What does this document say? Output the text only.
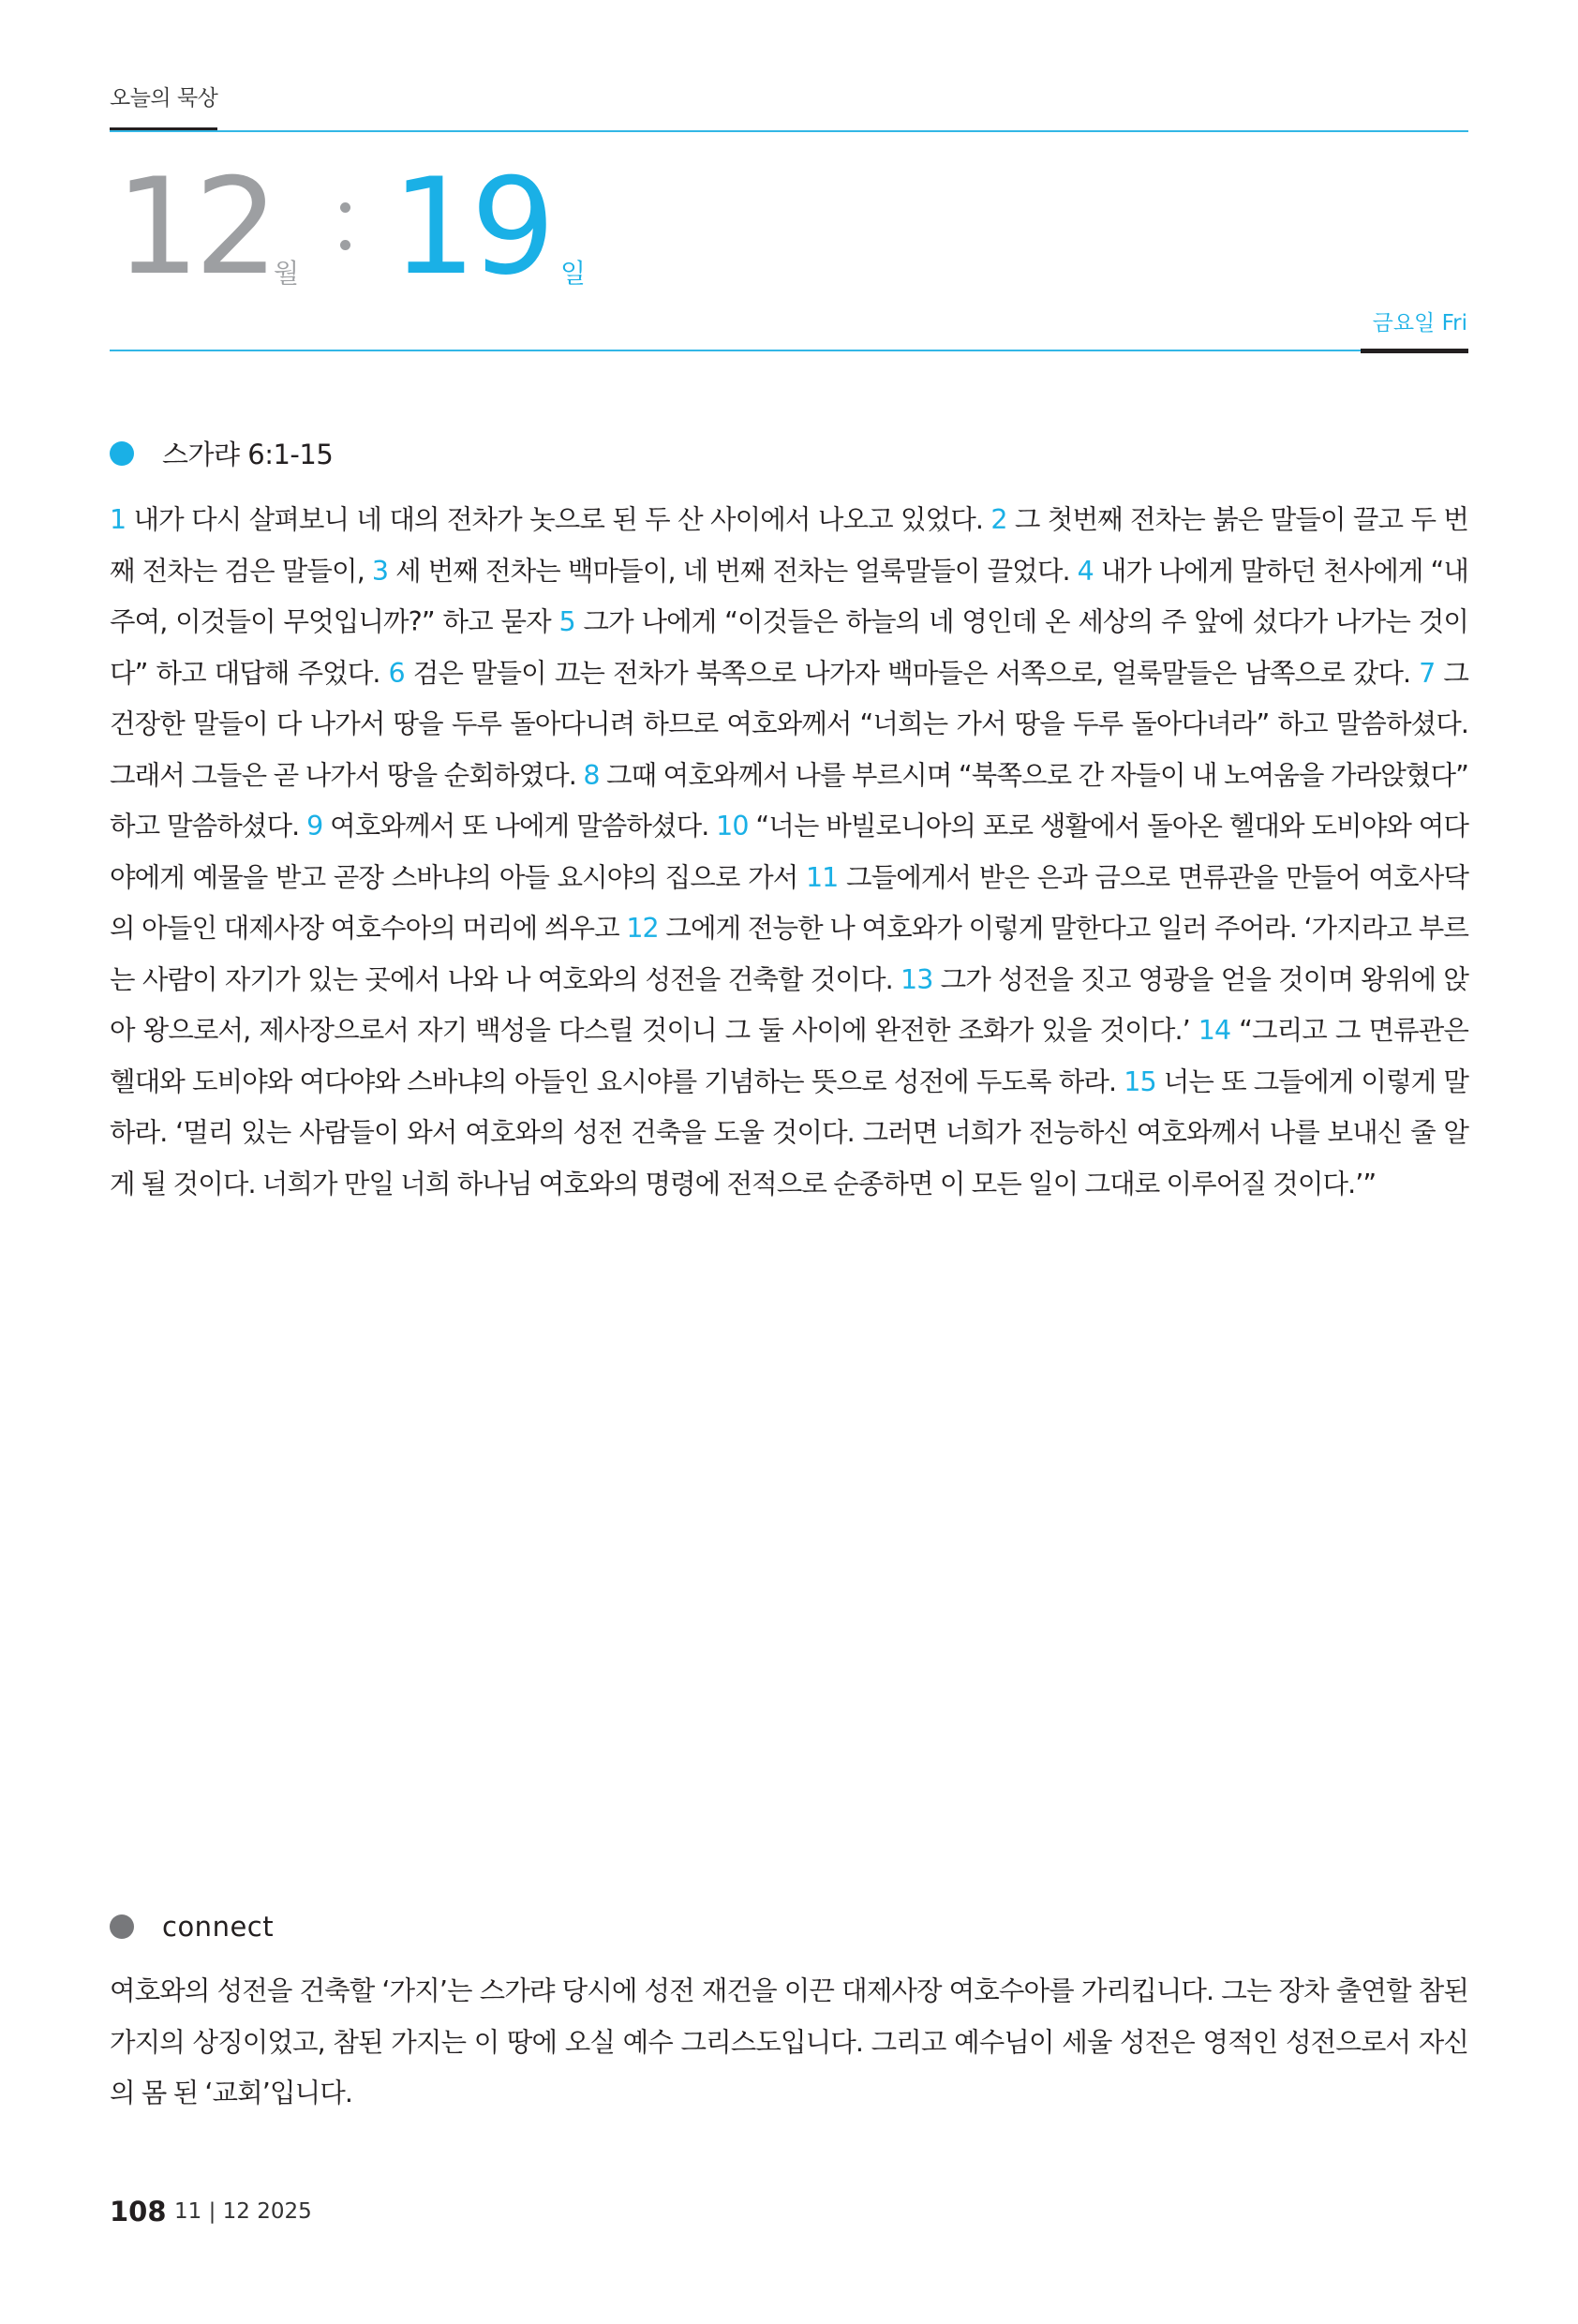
오늘의 묵상
12 월 19 일
금요일 Fri
스가랴 6:1-15
1 내가 다시 살펴보니 네 대의 전차가 놋으로 된 두 산 사이에서 나오고 있었다. 2 그 첫번째 전차는 붉은 말들이 끌고 두 번째 전차는 검은 말들이, 3 세 번째 전차는 백마들이, 네 번째 전차는 얼룩말들이 끌었다. 4 내가 나에게 말하던 천사에게 “내 주여, 이것들이 무엇입니까?” 하고 묻자 5 그가 나에게 “이것들은 하늘의 네 영인데 온 세상의 주 앞에 섰다가 나가는 것이다” 하고 대답해 주었다. 6 검은 말들이 끄는 전차가 북쪽으로 나가자 백마들은 서쪽으로, 얼룩말들은 남쪽으로 갔다. 7 그 건장한 말들이 다 나가서 땅을 두루 돌아다니려 하므로 여호와께서 “너희는 가서 땅을 두루 돌아다녀라” 하고 말씀하셨다. 그래서 그들은 곧 나가서 땅을 순회하였다. 8 그때 여호와께서 나를 부르시며 “북쪽으로 간 자들이 내 노여움을 가라앉혔다” 하고 말씀하셨다. 9 여호와께서 또 나에게 말씀하셨다. 10 “너는 바빌로니아의 포로 생활에서 돌아온 헬대와 도비야와 여다야에게 예물을 받고 곧장 스바냐의 아들 요시야의 집으로 가서 11 그들에게서 받은 은과 금으로 면류관을 만들어 여호사닥의 아들인 대제사장 여호수아의 머리에 씌우고 12 그에게 전능한 나 여호와가 이렇게 말한다고 일러 주어라. ‘가지라고 부르는 사람이 자기가 있는 곳에서 나와 나 여호와의 성전을 건축할 것이다. 13 그가 성전을 짓고 영광을 얻을 것이며 왕위에 앉아 왕으로서, 제사장으로서 자기 백성을 다스릴 것이니 그 둘 사이에 완전한 조화가 있을 것이다.’ 14 “그리고 그 면류관은 헬대와 도비야와 여다야와 스바냐의 아들인 요시야를 기념하는 뜻으로 성전에 두도록 하라. 15 너는 또 그들에게 이렇게 말하라. ‘멀리 있는 사람들이 와서 여호와의 성전 건축을 도울 것이다. 그러면 너희가 전능하신 여호와께서 나를 보내신 줄 알게 될 것이다. 너희가 만일 너희 하나님 여호와의 명령에 전적으로 순종하면 이 모든 일이 그대로 이루어질 것이다.’”
connect
여호와의 성전을 건축할 ‘가지’는 스가랴 당시에 성전 재건을 이끈 대제사장 여호수아를 가리킵니다. 그는 장차 출연할 참된 가지의 상징이었고, 참된 가지는 이 땅에 오실 예수 그리스도입니다. 그리고 예수님이 세울 성전은 영적인 성전으로서 자신의 몸 된 ‘교회’입니다.
108 11 | 12 2025
